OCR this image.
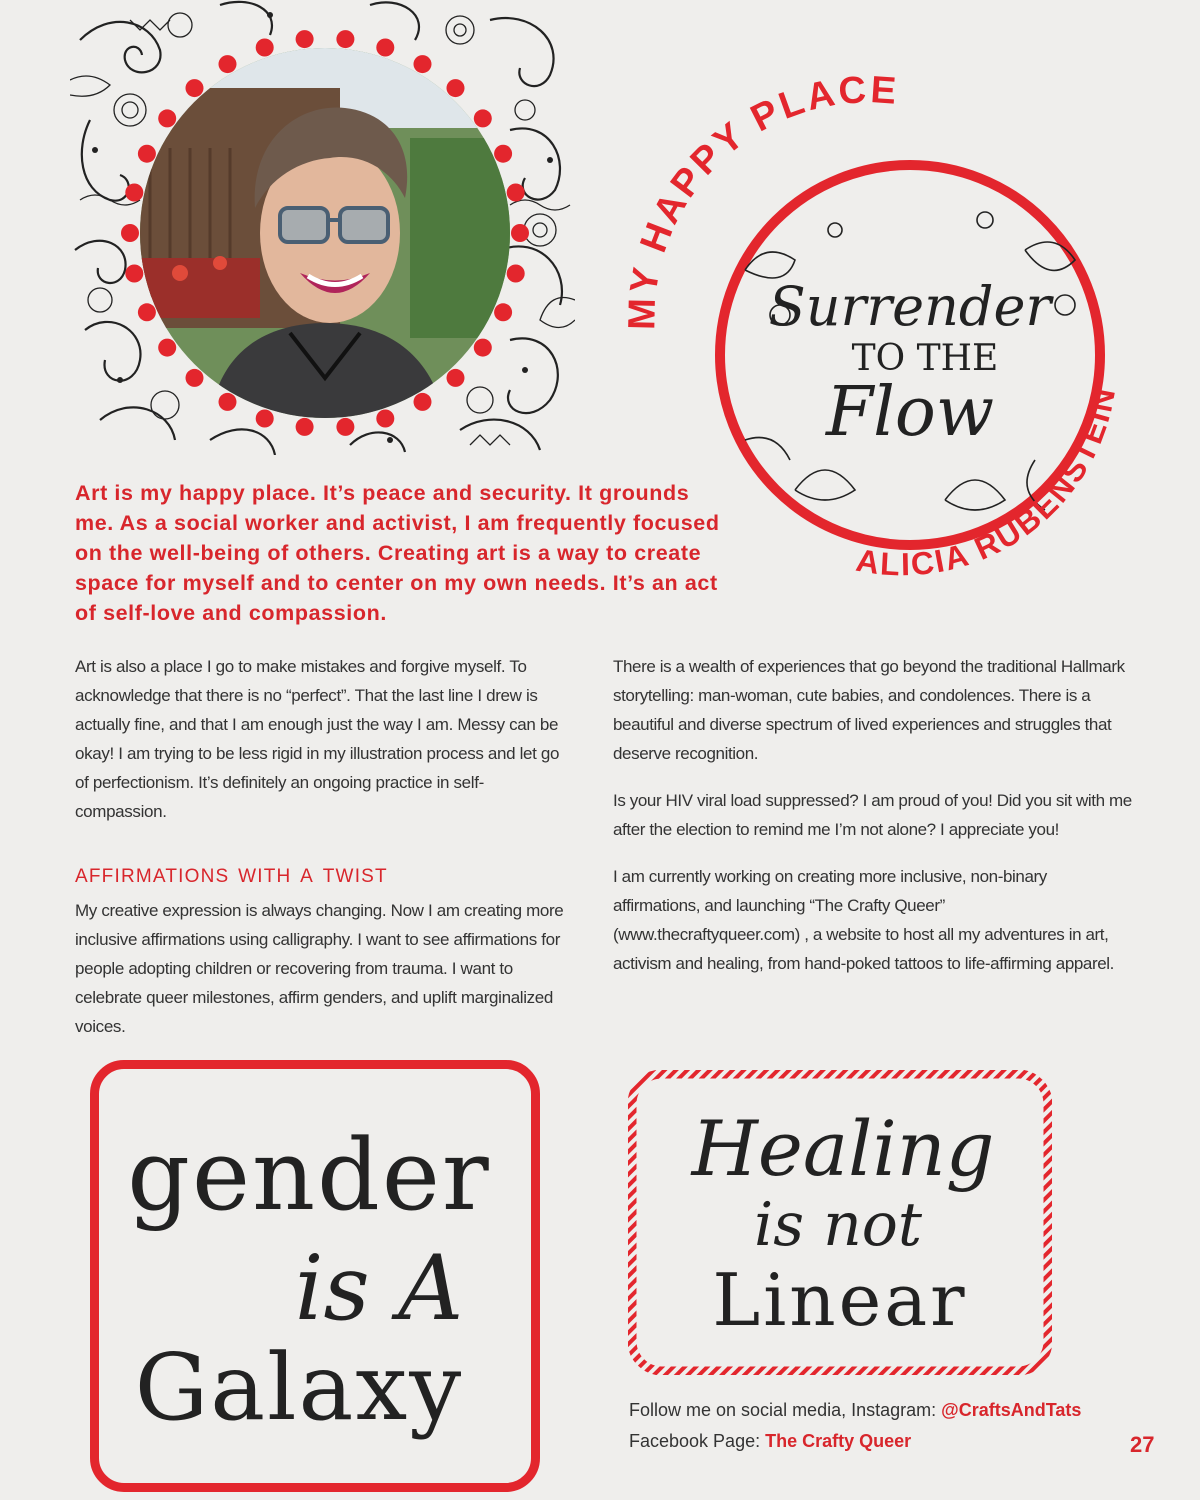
MY HAPPY PLACE
ALICIA RUBENSTEIN
Surrender
TO THE
Flow

Art is my happy place. It’s peace and security. It grounds me. As a social worker and activist, I am frequently focused on the well-being of others. Creating art is a way to create space for myself and to center on my own needs. It’s an act of self-love and compassion.

Art is also a place I go to make mistakes and forgive myself. To acknowledge that there is no “perfect”. That the last line I drew is actually fine, and that I am enough just the way I am. Messy can be okay! I am trying to be less rigid in my illustration process and let go of perfectionism. It’s definitely an ongoing practice in self-compassion.

affirmations with a twist

My creative expression is always changing. Now I am creating more inclusive affirmations using calligraphy. I want to see affirmations for people adopting children or recovering from trauma. I want to celebrate queer milestones, affirm genders, and uplift marginalized voices.

There is a wealth of experiences that go beyond the traditional Hallmark storytelling: man-woman, cute babies, and condolences. There is a beautiful and diverse spectrum of lived experiences and struggles that deserve recognition.

Is your HIV viral load suppressed? I am proud of you! Did you sit with me after the election to remind me I’m not alone? I appreciate you!

I am currently working on creating more inclusive, non-binary affirmations, and launching “The Crafty Queer” (www.thecraftyqueer.com) , a website to host all my adventures in art, activism and healing, from hand-poked tattoos to life-affirming apparel.

gender
is A
Galaxy
Healing
is not
Linear
Follow me on social media, Instagram: @CraftsAndTats
Facebook Page: The Crafty Queer	27
